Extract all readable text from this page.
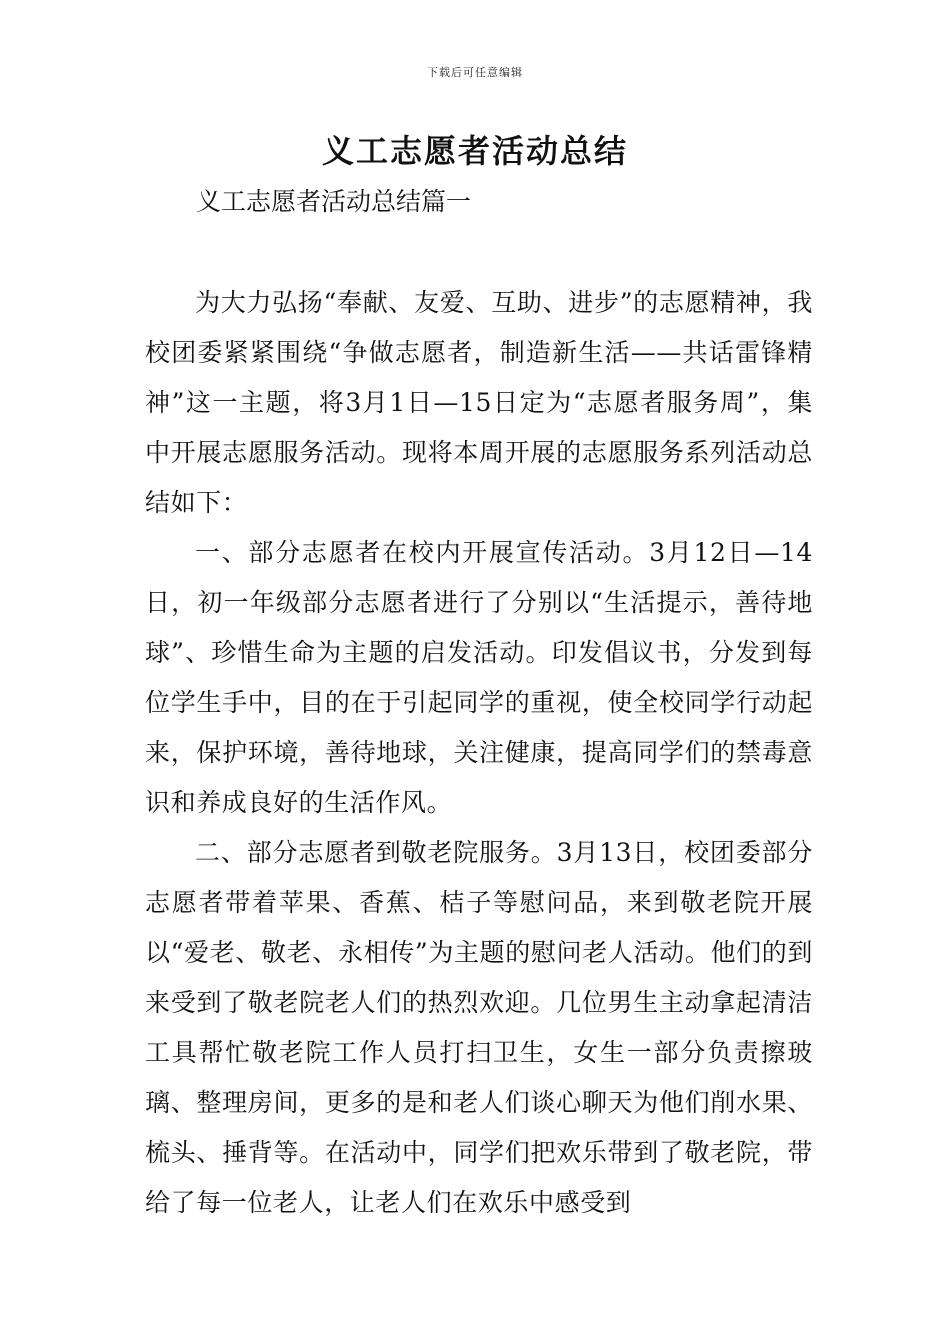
下载后可任意编辑
义工志愿者活动总结
义工志愿者活动总结篇一

为大力弘扬“奉献、友爱、互助、进步”的志愿精神，我校团委紧紧围绕“争做志愿者，制造新生活——共话雷锋精神”这一主题，将3月1日—15日定为“志愿者服务周”，集中开展志愿服务活动。现将本周开展的志愿服务系列活动总结如下：

一、部分志愿者在校内开展宣传活动。3月12日—14日，初一年级部分志愿者进行了分别以“生活提示，善待地球”、珍惜生命为主题的启发活动。印发倡议书，分发到每位学生手中，目的在于引起同学的重视，使全校同学行动起来，保护环境，善待地球，关注健康，提高同学们的禁毒意识和养成良好的生活作风。

二、部分志愿者到敬老院服务。3月13日，校团委部分志愿者带着苹果、香蕉、桔子等慰问品，来到敬老院开展以“爱老、敬老、永相传”为主题的慰问老人活动。他们的到来受到了敬老院老人们的热烈欢迎。几位男生主动拿起清洁工具帮忙敬老院工作人员打扫卫生，女生一部分负责擦玻璃、整理房间，更多的是和老人们谈心聊天为他们削水果、梳头、捶背等。在活动中，同学们把欢乐带到了敬老院，带给了每一位老人，让老人们在欢乐中感受到
